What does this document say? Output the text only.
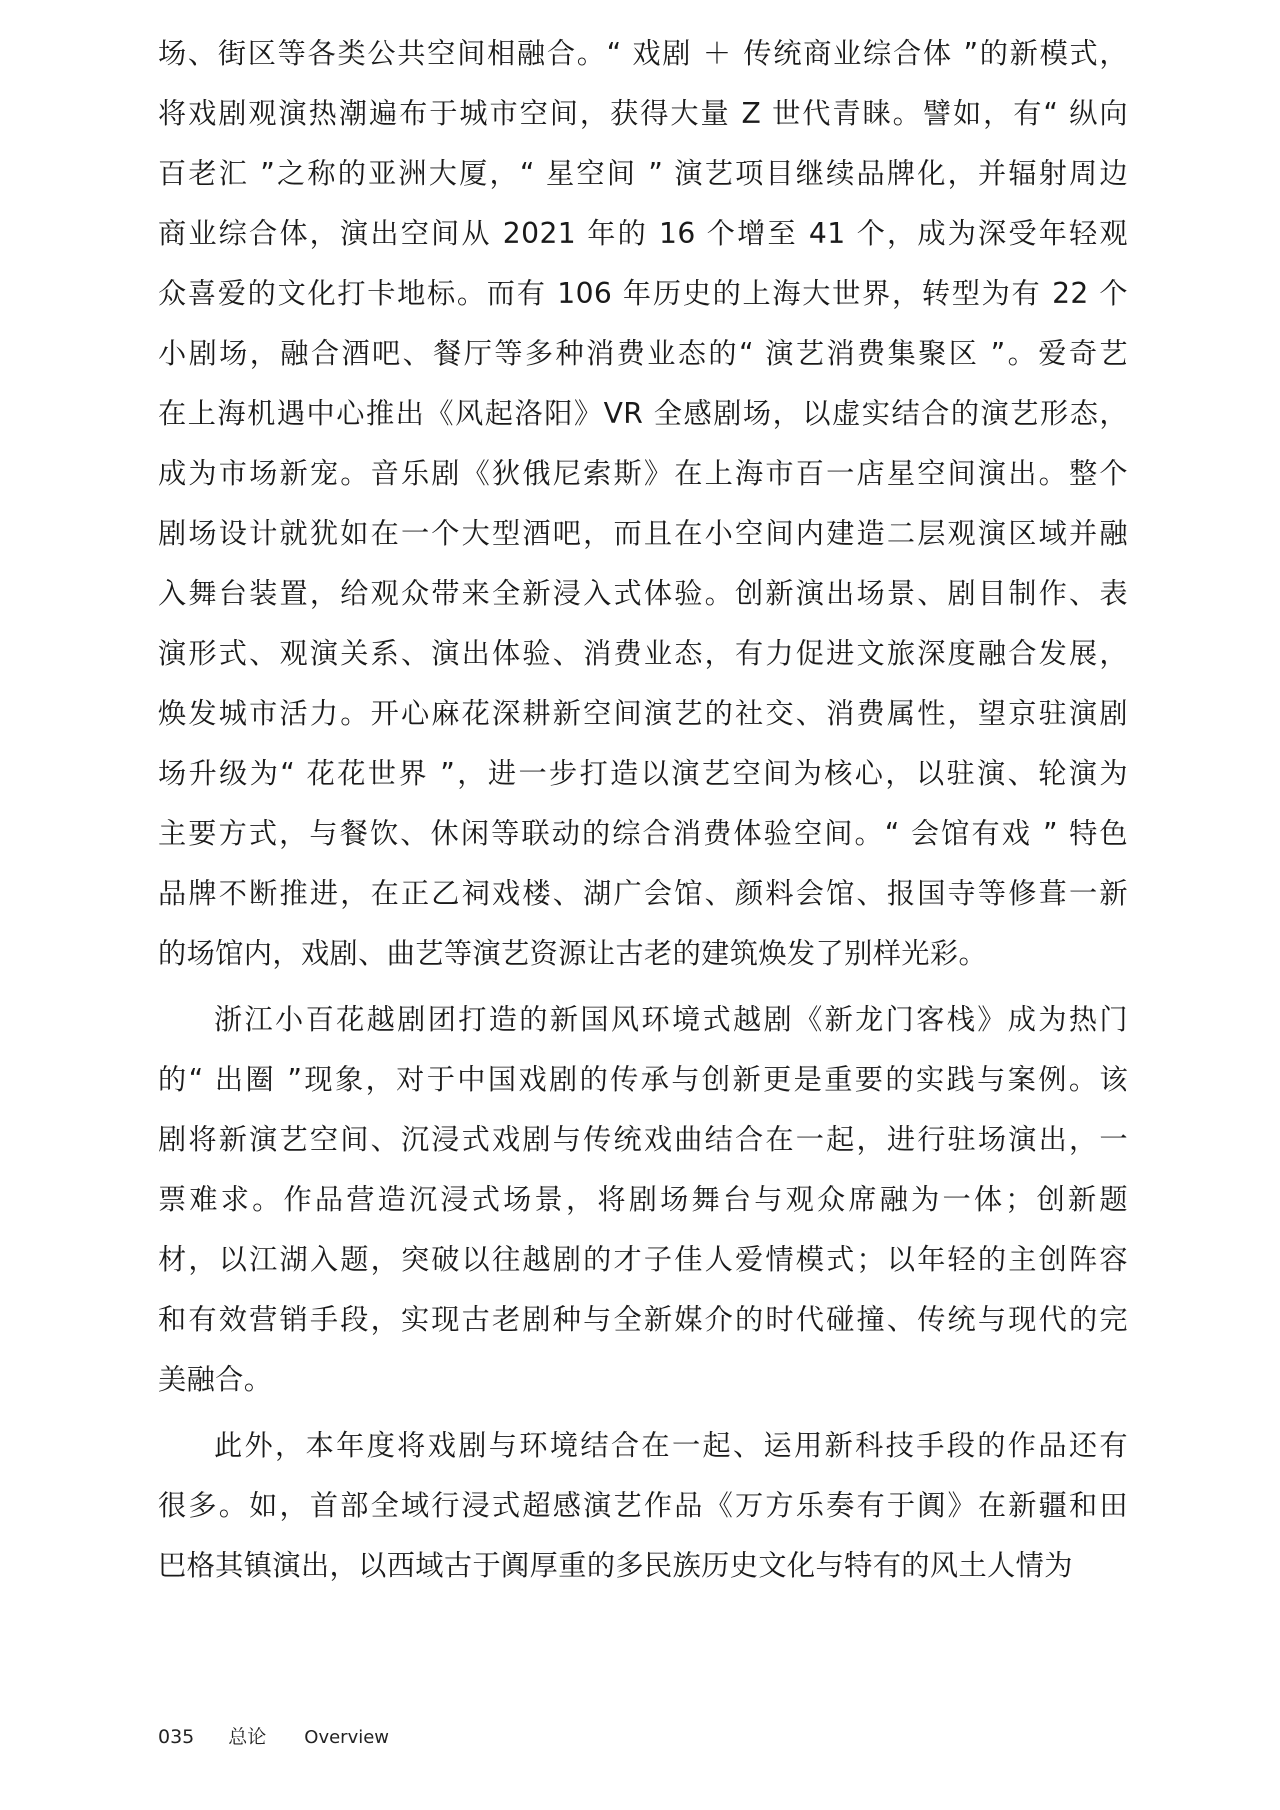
场、街区等各类公共空间相融合。“ 戏剧 ＋ 传统商业综合体 ”的新模式，
将戏剧观演热潮遍布于城市空间，获得大量 Z 世代青睐。譬如，有“ 纵向
百老汇 ”之称的亚洲大厦，“ 星空间 ” 演艺项目继续品牌化，并辐射周边
商业综合体，演出空间从 2021 年的 16 个增至 41 个，成为深受年轻观
众喜爱的文化打卡地标。而有 106 年历史的上海大世界，转型为有 22 个
小剧场，融合酒吧、餐厅等多种消费业态的“ 演艺消费集聚区 ”。爱奇艺
在上海机遇中心推出《风起洛阳》VR 全感剧场，以虚实结合的演艺形态，
成为市场新宠。音乐剧《狄俄尼索斯》在上海市百一店星空间演出。整个
剧场设计就犹如在一个大型酒吧，而且在小空间内建造二层观演区域并融
入舞台装置，给观众带来全新浸入式体验。创新演出场景、剧目制作、表
演形式、观演关系、演出体验、消费业态，有力促进文旅深度融合发展，
焕发城市活力。开心麻花深耕新空间演艺的社交、消费属性，望京驻演剧
场升级为“ 花花世界 ”，进一步打造以演艺空间为核心，以驻演、轮演为
主要方式，与餐饮、休闲等联动的综合消费体验空间。“ 会馆有戏 ” 特色
品牌不断推进，在正乙祠戏楼、湖广会馆、颜料会馆、报国寺等修葺一新
的场馆内，戏剧、曲艺等演艺资源让古老的建筑焕发了别样光彩。
浙江小百花越剧团打造的新国风环境式越剧《新龙门客栈》成为热门
的“ 出圈 ”现象，对于中国戏剧的传承与创新更是重要的实践与案例。该
剧将新演艺空间、沉浸式戏剧与传统戏曲结合在一起，进行驻场演出，一
票难求。作品营造沉浸式场景，将剧场舞台与观众席融为一体；创新题
材，以江湖入题，突破以往越剧的才子佳人爱情模式；以年轻的主创阵容
和有效营销手段，实现古老剧种与全新媒介的时代碰撞、传统与现代的完
美融合。
此外，本年度将戏剧与环境结合在一起、运用新科技手段的作品还有
很多。如，首部全域行浸式超感演艺作品《万方乐奏有于阗》在新疆和田
巴格其镇演出，以西域古于阗厚重的多民族历史文化与特有的风土人情为
035 总论 Overview
